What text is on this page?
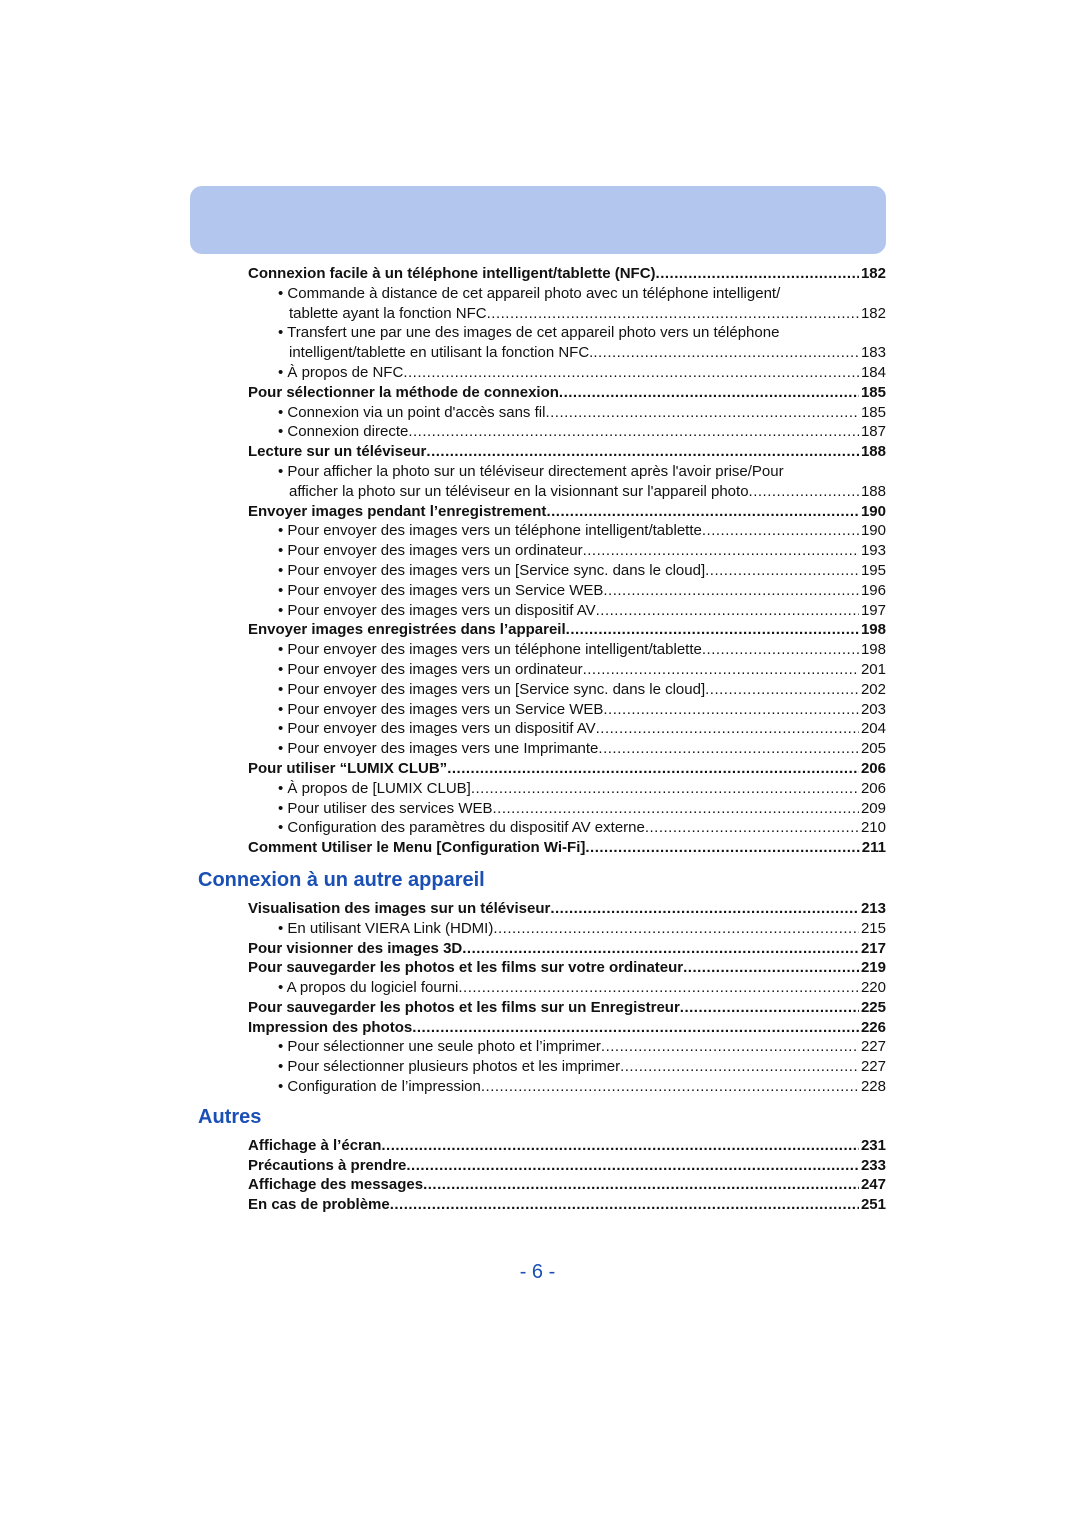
Connexion facile à un téléphone intelligent/tablette (NFC) .....	182
• Commande à distance de cet appareil photo avec un téléphone intelligent/
tablette ayant la fonction NFC .....	182
• Transfert une par une des images de cet appareil photo vers un téléphone
intelligent/tablette en utilisant la fonction NFC. .....	183
• À propos de NFC .....	184
Pour sélectionner la méthode de connexion .....	185
• Connexion via un point d'accès sans fil .....	185
• Connexion directe .....	187
Lecture sur un téléviseur .....	188
• Pour afficher la photo sur un téléviseur directement après l'avoir prise/Pour
afficher la photo sur un téléviseur en la visionnant sur l'appareil photo .....	188
Envoyer images pendant l’enregistrement .....	190
• Pour envoyer des images vers un téléphone intelligent/tablette .....	190
• Pour envoyer des images vers un ordinateur .....	193
• Pour envoyer des images vers un [Service sync. dans le cloud] .....	195
• Pour envoyer des images vers un Service WEB .....	196
• Pour envoyer des images vers un dispositif AV .....	197
Envoyer images enregistrées dans l’appareil .....	198
• Pour envoyer des images vers un téléphone intelligent/tablette .....	198
• Pour envoyer des images vers un ordinateur .....	201
• Pour envoyer des images vers un [Service sync. dans le cloud] .....	202
• Pour envoyer des images vers un Service WEB .....	203
• Pour envoyer des images vers un dispositif AV .....	204
• Pour envoyer des images vers une Imprimante .....	205
Pour utiliser “LUMIX CLUB” .....	206
• À propos de [LUMIX CLUB] .....	206
• Pour utiliser des services WEB .....	209
• Configuration des paramètres du dispositif AV externe .....	210
Comment Utiliser le Menu [Configuration Wi-Fi] .....	211
Connexion à un autre appareil
Visualisation des images sur un téléviseur .....	213
• En utilisant VIERA Link (HDMI) .....	215
Pour visionner des images 3D .....	217
Pour sauvegarder les photos et les films sur votre ordinateur .....	219
• A propos du logiciel fourni .....	220
Pour sauvegarder les photos et les films sur un Enregistreur .....	225
Impression des photos .....	226
• Pour sélectionner une seule photo et l’imprimer .....	227
• Pour sélectionner plusieurs photos et les imprimer .....	227
• Configuration de l’impression .....	228
Autres
Affichage à l’écran .....	231
Précautions à prendre .....	233
Affichage des messages .....	247
En cas de problème .....	251
- 6 -
